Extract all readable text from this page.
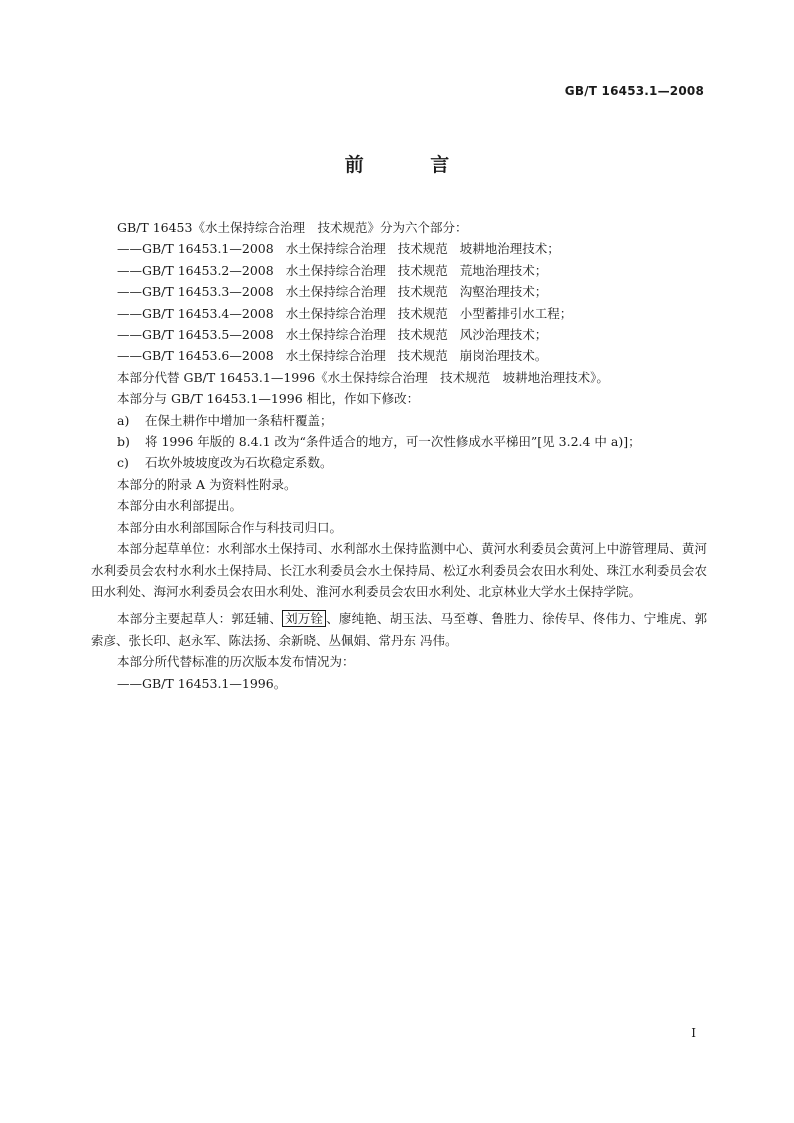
GB/T 16453.1—2008
前 言
GB/T 16453《水土保持综合治理　技术规范》分为六个部分：
——GB/T 16453.1—2008 水土保持综合治理 技术规范 坡耕地治理技术；
——GB/T 16453.2—2008 水土保持综合治理 技术规范 荒地治理技术；
——GB/T 16453.3—2008 水土保持综合治理 技术规范 沟壑治理技术；
——GB/T 16453.4—2008 水土保持综合治理 技术规范 小型蓄排引水工程；
——GB/T 16453.5—2008 水土保持综合治理 技术规范 风沙治理技术；
——GB/T 16453.6—2008 水土保持综合治理 技术规范 崩岗治理技术。
本部分代替 GB/T 16453.1—1996《水土保持综合治理　技术规范　坡耕地治理技术》。
本部分与 GB/T 16453.1—1996 相比，作如下修改：
a) 在保土耕作中增加一条秸杆覆盖；
b) 将 1996 年版的 8.4.1 改为“条件适合的地方，可一次性修成水平梯田”[见 3.2.4 中 a)]；
c) 石坎外坡坡度改为石坎稳定系数。
本部分的附录 A 为资料性附录。
本部分由水利部提出。
本部分由水利部国际合作与科技司归口。
本部分起草单位：水利部水土保持司、水利部水土保持监测中心、黄河水利委员会黄河上中游管理局、黄河水利委员会农村水利水土保持局、长江水利委员会水土保持局、松辽水利委员会农田水利处、珠江水利委员会农田水利处、海河水利委员会农田水利处、淮河水利委员会农田水利处、北京林业大学水土保持学院。
本部分主要起草人：郭廷辅、 刘万铨 、廖纯艳、胡玉法、马至尊、鲁胜力、徐传早、佟伟力、宁堆虎、郭索彦、张长印、赵永军、陈法扬、余新晓、丛佩娟、常丹东 冯伟。
本部分所代替标准的历次版本发布情况为：
——GB/T 16453.1—1996。
I
